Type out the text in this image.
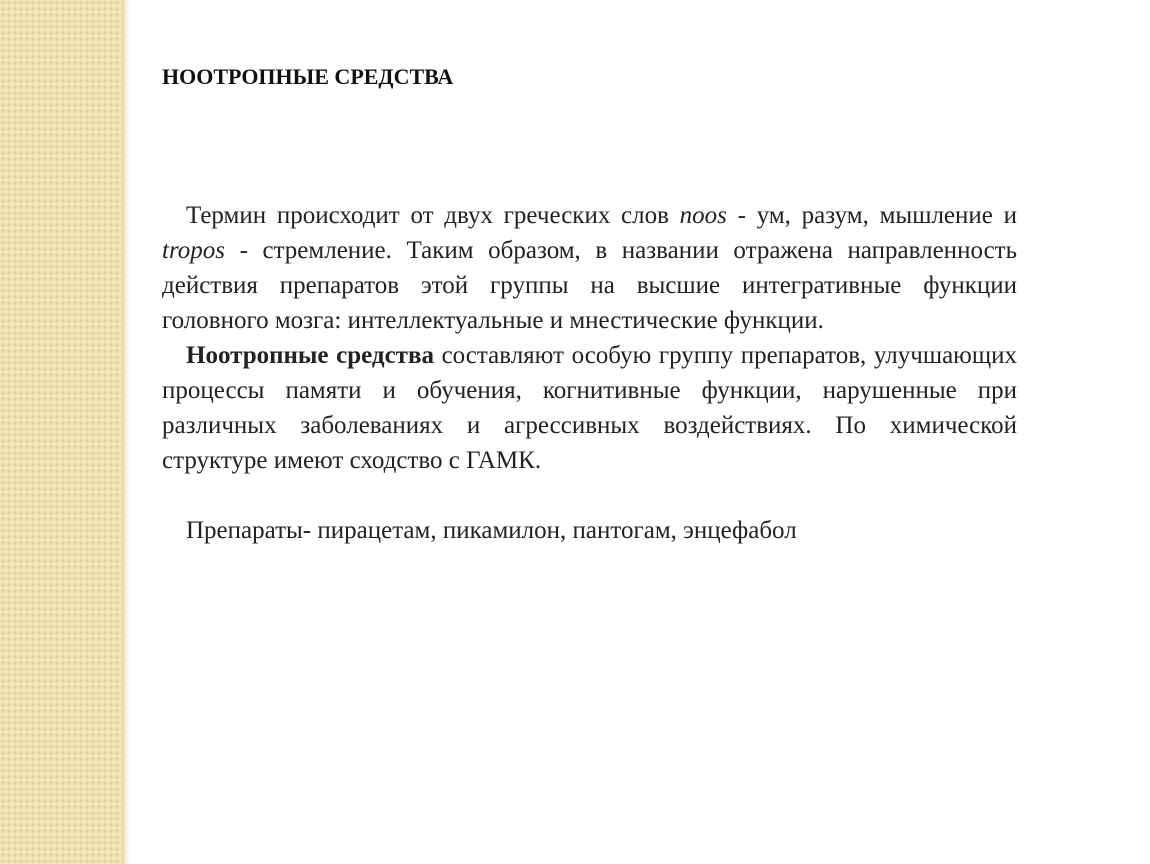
НООТРОПНЫЕ СРЕДСТВА

Термин происходит от двух греческих слов noos - ум, разум, мышление и tropos - стремление. Таким образом, в названии отражена направленность действия препаратов этой группы на высшие интегративные функции головного мозга: интеллектуальные и мнестические функции.

Ноотропные средства составляют особую группу препаратов, улучшающих процессы памяти и обучения, когнитивные функции, нарушенные при различных заболеваниях и агрессивных воздействиях. По химической структуре имеют сходство с ГАМК.

Препараты- пирацетам, пикамилон, пантогам, энцефабол
